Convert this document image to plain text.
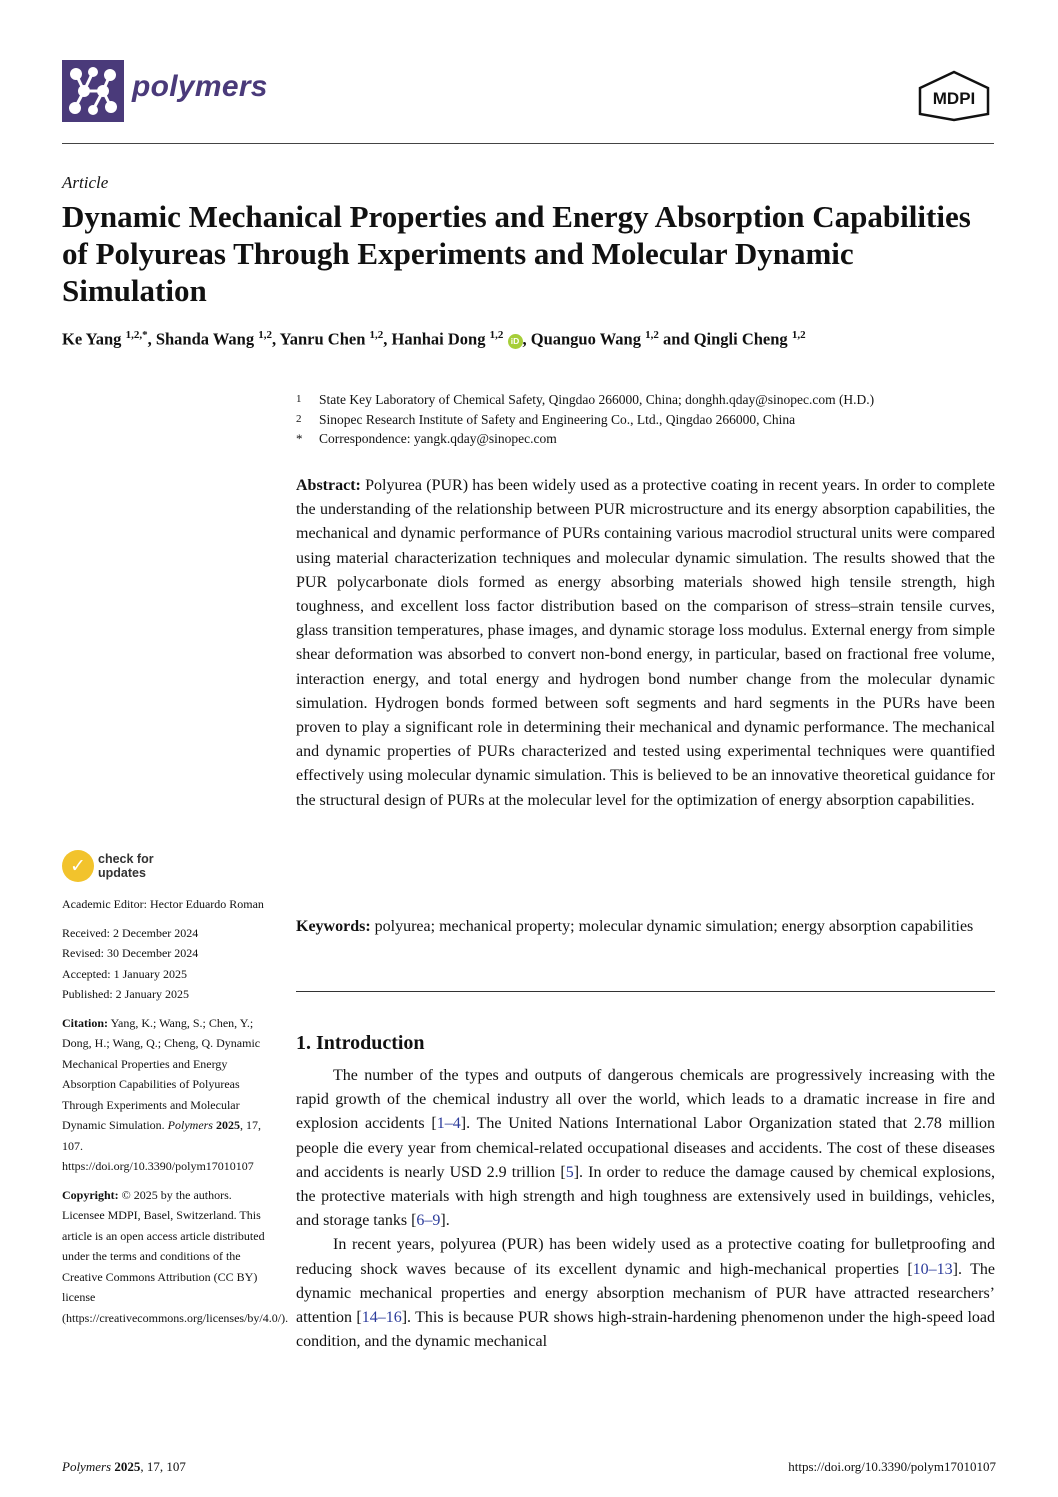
polymers	MDPI
Article
Dynamic Mechanical Properties and Energy Absorption Capabilities of Polyureas Through Experiments and Molecular Dynamic Simulation
Ke Yang $^{1,2,*}$, Shanda Wang $^{1,2}$, Yanru Chen $^{1,2}$, Hanhai Dong $^{1,2}$ iD , Quanguo Wang $^{1,2}$ and Qingli Cheng $^{1,2}$
1	State Key Laboratory of Chemical Safety, Qingdao 266000, China; donghh.qday@sinopec.com (H.D.)
2	Sinopec Research Institute of Safety and Engineering Co., Ltd., Qingdao 266000, China
*	Correspondence: yangk.qday@sinopec.com
Abstract: Polyurea (PUR) has been widely used as a protective coating in recent years. In order to complete the understanding of the relationship between PUR microstructure and its energy absorption capabilities, the mechanical and dynamic performance of PURs containing various macrodiol structural units were compared using material characterization techniques and molecular dynamic simulation. The results showed that the PUR polycarbonate diols formed as energy absorbing materials showed high tensile strength, high toughness, and excellent loss factor distribution based on the comparison of stress–strain tensile curves, glass transition temperatures, phase images, and dynamic storage loss modulus. External energy from simple shear deformation was absorbed to convert non-bond energy, in particular, based on fractional free volume, interaction energy, and total energy and hydrogen bond number change from the molecular dynamic simulation. Hydrogen bonds formed between soft segments and hard segments in the PURs have been proven to play a significant role in determining their mechanical and dynamic performance. The mechanical and dynamic properties of PURs characterized and tested using experimental techniques were quantified effectively using molecular dynamic simulation. This is believed to be an innovative theoretical guidance for the structural design of PURs at the molecular level for the optimization of energy absorption capabilities.
Keywords: polyurea; mechanical property; molecular dynamic simulation; energy absorption capabilities
1. Introduction

The number of the types and outputs of dangerous chemicals are progressively increasing with the rapid growth of the chemical industry all over the world, which leads to a dramatic increase in fire and explosion accidents [1–4]. The United Nations International Labor Organization stated that 2.78 million people die every year from chemical-related occupational diseases and accidents. The cost of these diseases and accidents is nearly USD 2.9 trillion [5]. In order to reduce the damage caused by chemical explosions, the protective materials with high strength and high toughness are extensively used in buildings, vehicles, and storage tanks [6–9].

In recent years, polyurea (PUR) has been widely used as a protective coating for bulletproofing and reducing shock waves because of its excellent dynamic and high-mechanical properties [10–13]. The dynamic mechanical properties and energy absorption mechanism of PUR have attracted researchers’ attention [14–16]. This is because PUR shows high-strain-hardening phenomenon under the high-speed load condition, and the dynamic mechanical

✓ check for
updates

Academic Editor: Hector Eduardo Roman

Received: 2 December 2024

Revised: 30 December 2024

Accepted: 1 January 2025

Published: 2 January 2025

Citation: Yang, K.; Wang, S.; Chen, Y.; Dong, H.; Wang, Q.; Cheng, Q. Dynamic Mechanical Properties and Energy Absorption Capabilities of Polyureas Through Experiments and Molecular Dynamic Simulation. Polymers 2025, 17, 107. https://doi.org/10.3390/polym17010107

Copyright: © 2025 by the authors. Licensee MDPI, Basel, Switzerland. This article is an open access article distributed under the terms and conditions of the Creative Commons Attribution (CC BY) license (https://creativecommons.org/licenses/by/4.0/).

Polymers 2025, 17, 107	https://doi.org/10.3390/polym17010107
